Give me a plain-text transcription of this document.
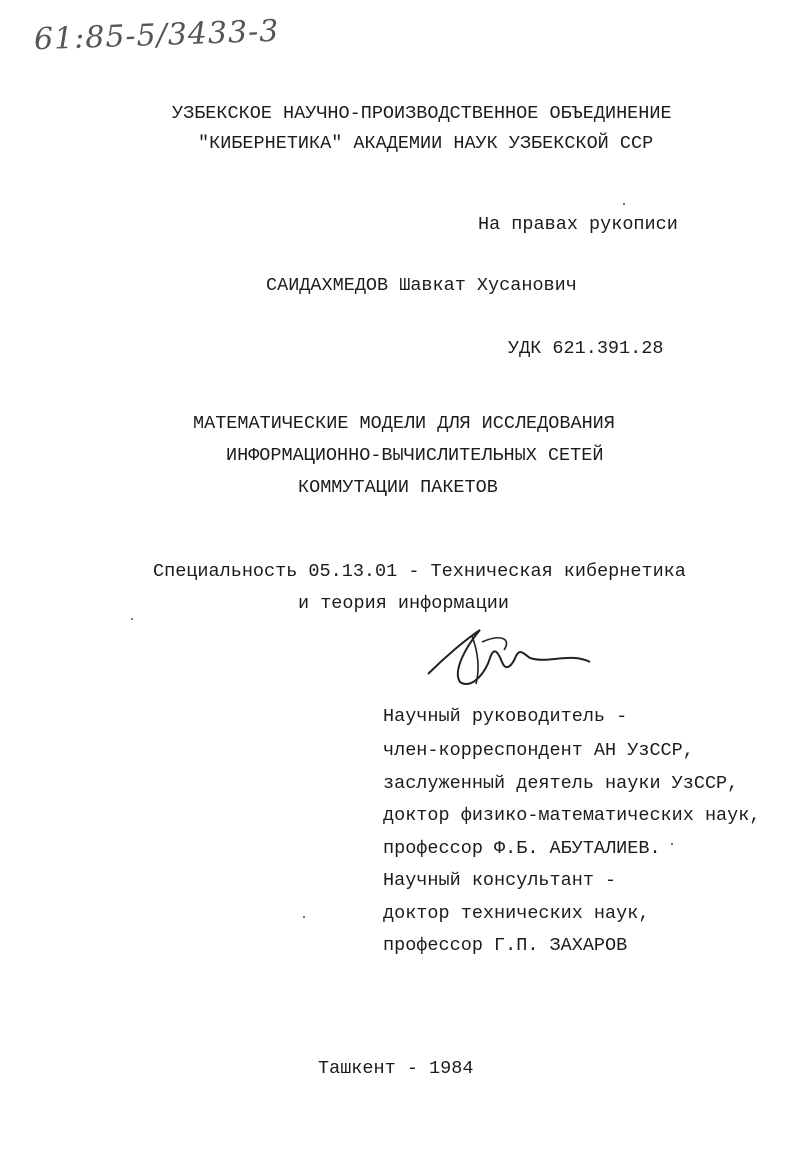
61:85-5/3433-3
УЗБЕКСКОЕ НАУЧНО-ПРОИЗВОДСТВЕННОЕ ОБЪЕДИНЕНИЕ
"КИБЕРНЕТИКА" АКАДЕМИИ НАУК УЗБЕКСКОЙ ССР
На правах рукописи
САИДАХМЕДОВ Шавкат Хусанович
УДК 621.391.28
МАТЕМАТИЧЕСКИЕ МОДЕЛИ ДЛЯ ИССЛЕДОВАНИЯ
ИНФОРМАЦИОННО-ВЫЧИСЛИТЕЛЬНЫХ СЕТЕЙ
КОММУТАЦИИ ПАКЕТОВ
Специальность 05.13.01 - Техническая кибернетика
и теория информации
Научный руководитель -
член-корреспондент АН УзССР,
заслуженный деятель науки УзССР,
доктор физико-математических наук,
профессор Ф.Б. АБУТАЛИЕВ.
Научный консультант -
доктор технических наук,
профессор Г.П. ЗАХАРОВ
Ташкент - 1984
